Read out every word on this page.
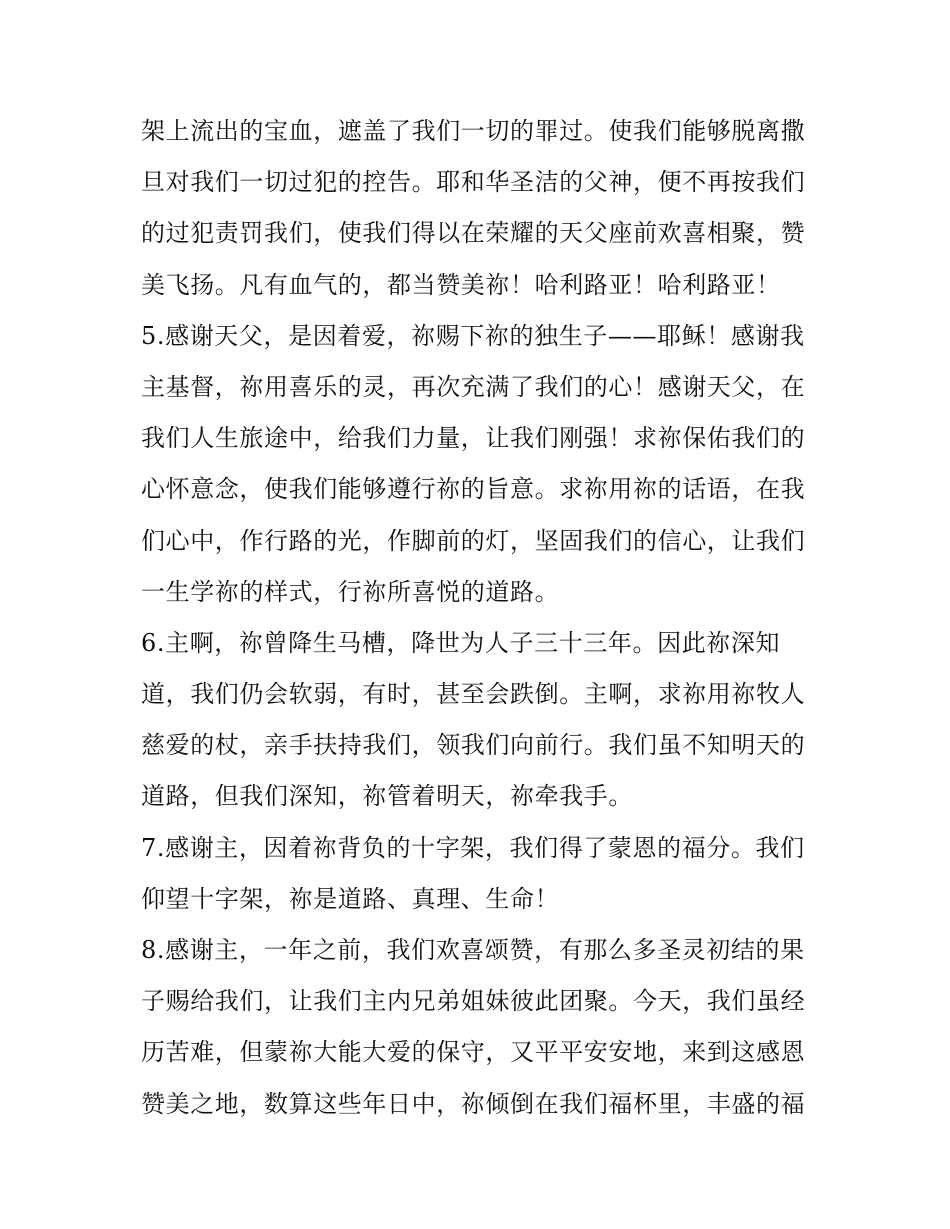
架上流出的宝血，遮盖了我们一切的罪过。使我们能够脱离撒
旦对我们一切过犯的控告。耶和华圣洁的父神，便不再按我们
的过犯责罚我们，使我们得以在荣耀的天父座前欢喜相聚，赞
美飞扬。凡有血气的，都当赞美祢！哈利路亚！哈利路亚！
5.感谢天父，是因着爱，祢赐下祢的独生子——耶稣！感谢我
主基督，祢用喜乐的灵，再次充满了我们的心！感谢天父，在
我们人生旅途中，给我们力量，让我们刚强！求祢保佑我们的
心怀意念，使我们能够遵行祢的旨意。求祢用祢的话语，在我
们心中，作行路的光，作脚前的灯，坚固我们的信心，让我们
一生学祢的样式，行祢所喜悦的道路。
6.主啊，祢曾降生马槽，降世为人子三十三年。因此祢深知
道，我们仍会软弱，有时，甚至会跌倒。主啊，求祢用祢牧人
慈爱的杖，亲手扶持我们，领我们向前行。我们虽不知明天的
道路，但我们深知，祢管着明天，祢牵我手。
7.感谢主，因着祢背负的十字架，我们得了蒙恩的福分。我们
仰望十字架，祢是道路、真理、生命！
8.感谢主，一年之前，我们欢喜颂赞，有那么多圣灵初结的果
子赐给我们，让我们主内兄弟姐妹彼此团聚。今天，我们虽经
历苦难，但蒙祢大能大爱的保守，又平平安安地，来到这感恩
赞美之地，数算这些年日中，祢倾倒在我们福杯里，丰盛的福
